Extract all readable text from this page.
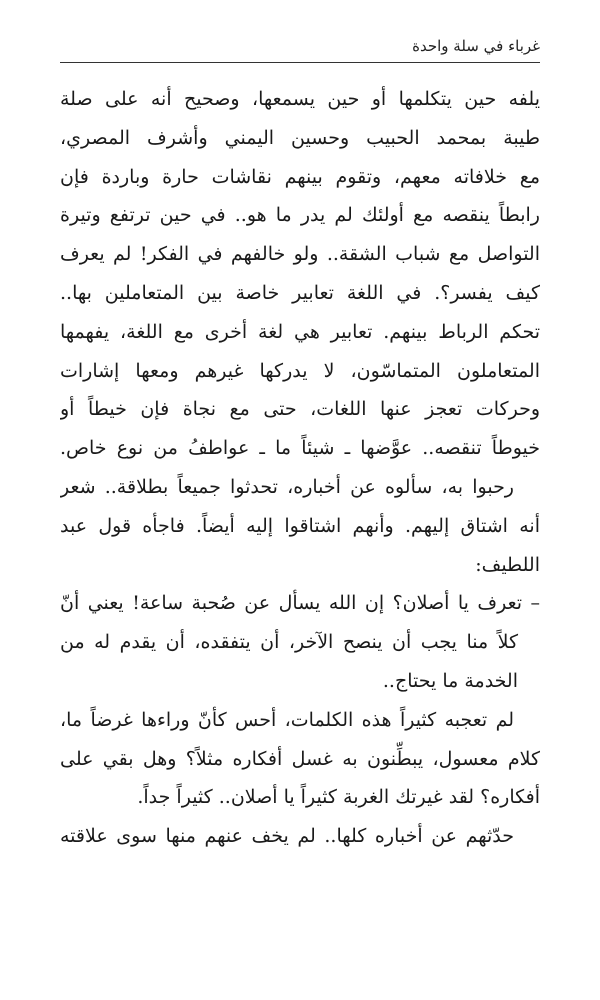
غرباء في سلة واحدة
يلفه حين يتكلمها أو حين يسمعها، وصحيح أنه على صلة
طيبة بمحمد الحبيب وحسين اليمني وأشرف المصري،
مع خلافاته معهم، وتقوم بينهم نقاشات حارة وباردة فإن
رابطاً ينقصه مع أولئك لم يدر ما هو.. في حين ترتفع وتيرة
التواصل مع شباب الشقة.. ولو خالفهم في الفكر! لم يعرف
كيف يفسر؟. في اللغة تعابير خاصة بين المتعاملين بها..
تحكم الرباط بينهم. تعابير هي لغة أخرى مع اللغة، يفهمها
المتعاملون المتماسّون، لا يدركها غيرهم ومعها إشارات
وحركات تعجز عنها اللغات، حتى مع نجاة فإن خيطاً أو
خيوطاً تنقصه.. عوَّضها ـ شيئاً ما ـ عواطفُ من نوع خاص.
رحبوا به، سألوه عن أخباره، تحدثوا جميعاً بطلاقة.. شعر
أنه اشتاق إليهم. وأنهم اشتاقوا إليه أيضاً. فاجأه قول عبد
اللطيف:
– تعرف يا أصلان؟ إن الله يسأل عن صُحبة ساعة! يعني أنّ
كلاً منا يجب أن ينصح الآخر، أن يتفقده، أن يقدم له من
الخدمة ما يحتاج..
لم تعجبه كثيراً هذه الكلمات، أحس كأنّ وراءها غرضاً ما،
كلام معسول، يبطِّنون به غسل أفكاره مثلاً؟ وهل بقي على
أفكاره؟ لقد غيرتك الغربة كثيراً يا أصلان.. كثيراً جداً.
حدّثهم عن أخباره كلها.. لم يخف عنهم منها سوى علاقته
